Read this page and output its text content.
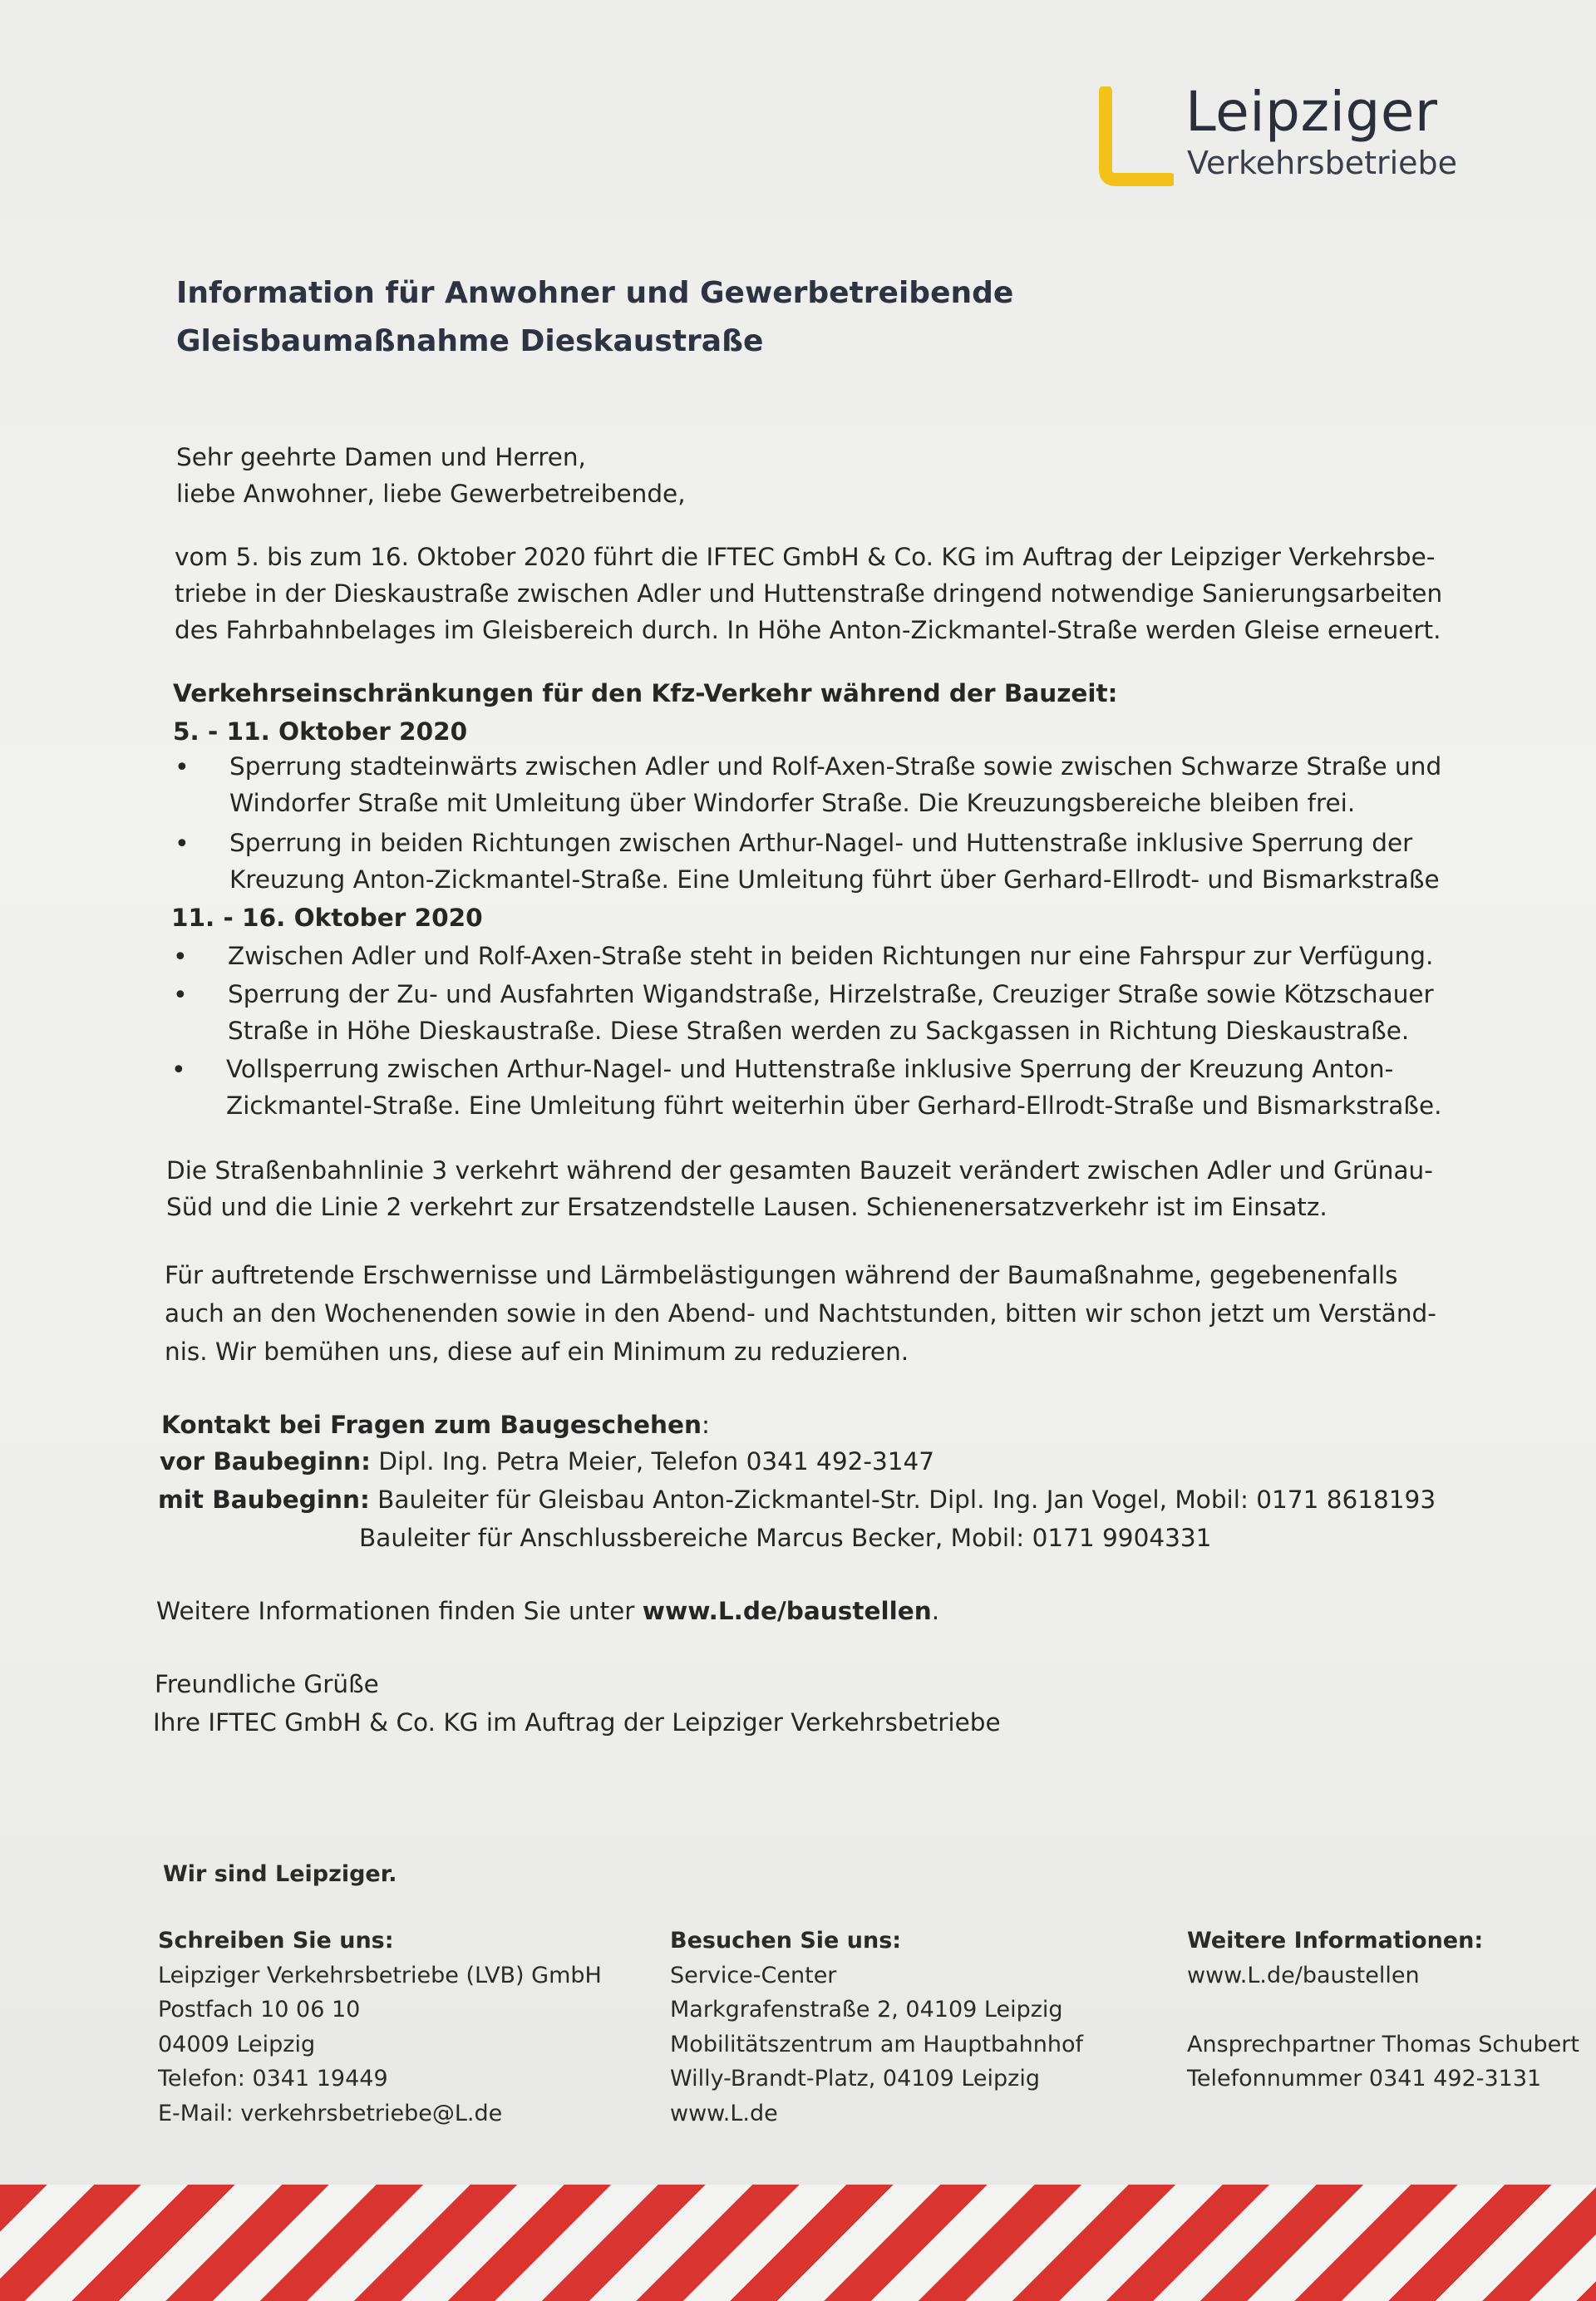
Leipziger
Verkehrsbetriebe
Information für Anwohner und Gewerbetreibende
Gleisbaumaßnahme Dieskaustraße
Sehr geehrte Damen und Herren,
liebe Anwohner, liebe Gewerbetreibende,
vom 5. bis zum 16. Oktober 2020 führt die IFTEC GmbH & Co. KG im Auftrag der Leipziger Verkehrsbe-
triebe in der Dieskaustraße zwischen Adler und Huttenstraße dringend notwendige Sanierungsarbeiten
des Fahrbahnbelages im Gleisbereich durch. In Höhe Anton-Zickmantel-Straße werden Gleise erneuert.
Verkehrseinschränkungen für den Kfz-Verkehr während der Bauzeit:
5. - 11. Oktober 2020
• Sperrung stadteinwärts zwischen Adler und Rolf-Axen-Straße sowie zwischen Schwarze Straße und
Windorfer Straße mit Umleitung über Windorfer Straße. Die Kreuzungsbereiche bleiben frei.
• Sperrung in beiden Richtungen zwischen Arthur-Nagel- und Huttenstraße inklusive Sperrung der
Kreuzung Anton-Zickmantel-Straße. Eine Umleitung führt über Gerhard-Ellrodt- und Bismarkstraße
11. - 16. Oktober 2020
• Zwischen Adler und Rolf-Axen-Straße steht in beiden Richtungen nur eine Fahrspur zur Verfügung.
• Sperrung der Zu- und Ausfahrten Wigandstraße, Hirzelstraße, Creuziger Straße sowie Kötzschauer
Straße in Höhe Dieskaustraße. Diese Straßen werden zu Sackgassen in Richtung Dieskaustraße.
• Vollsperrung zwischen Arthur-Nagel- und Huttenstraße inklusive Sperrung der Kreuzung Anton-
Zickmantel-Straße. Eine Umleitung führt weiterhin über Gerhard-Ellrodt-Straße und Bismarkstraße.
Die Straßenbahnlinie 3 verkehrt während der gesamten Bauzeit verändert zwischen Adler und Grünau-
Süd und die Linie 2 verkehrt zur Ersatzendstelle Lausen. Schienenersatzverkehr ist im Einsatz.
Für auftretende Erschwernisse und Lärmbelästigungen während der Baumaßnahme, gegebenenfalls
auch an den Wochenenden sowie in den Abend- und Nachtstunden, bitten wir schon jetzt um Verständ-
nis. Wir bemühen uns, diese auf ein Minimum zu reduzieren.
Kontakt bei Fragen zum Baugeschehen:
vor Baubeginn: Dipl. Ing. Petra Meier, Telefon 0341 492-3147
mit Baubeginn: Bauleiter für Gleisbau Anton-Zickmantel-Str. Dipl. Ing. Jan Vogel, Mobil: 0171 8618193
Bauleiter für Anschlussbereiche Marcus Becker, Mobil: 0171 9904331
Weitere Informationen finden Sie unter www.L.de/baustellen.
Freundliche Grüße
Ihre IFTEC GmbH & Co. KG im Auftrag der Leipziger Verkehrsbetriebe
Wir sind Leipziger.
Schreiben Sie uns:
Leipziger Verkehrsbetriebe (LVB) GmbH
Postfach 10 06 10
04009 Leipzig
Telefon: 0341 19449
E-Mail: verkehrsbetriebe@L.de
Besuchen Sie uns:
Service-Center
Markgrafenstraße 2, 04109 Leipzig
Mobilitätszentrum am Hauptbahnhof
Willy-Brandt-Platz, 04109 Leipzig
www.L.de
Weitere Informationen:
www.L.de/baustellen
Ansprechpartner Thomas Schubert
Telefonnummer 0341 492-3131
